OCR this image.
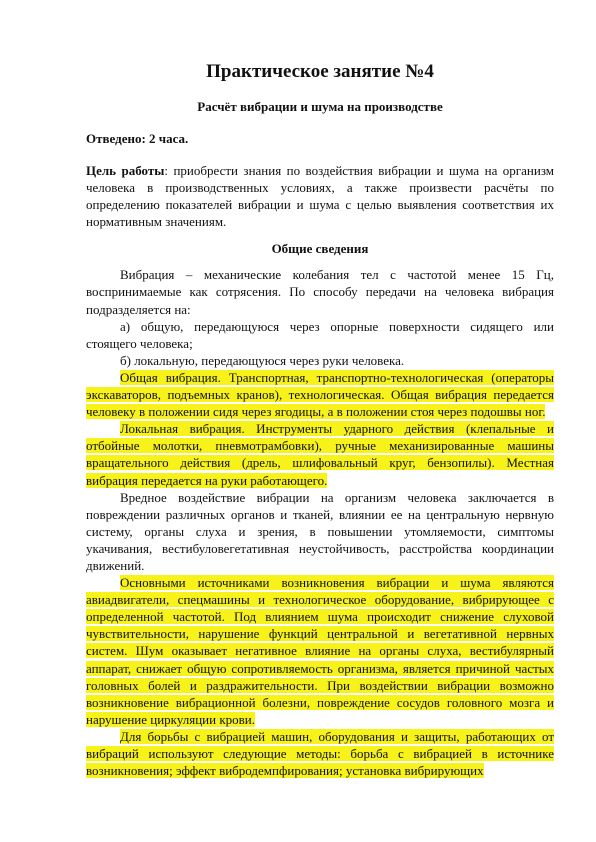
Практическое занятие №4
Расчёт вибрации и шума на производстве
Отведено: 2 часа.

Цель работы: приобрести знания по воздействия вибрации и шума на организм человека в производственных условиях, а также произвести расчёты по определению показателей вибрации и шума с целью выявления соответствия их нормативным значениям.

Общие сведения

Вибрация – механические колебания тел с частотой менее 15 Гц, воспринимаемые как сотрясения. По способу передачи на человека вибрация подразделяется на:

а) общую, передающуюся через опорные поверхности сидящего или стоящего человека;

б) локальную, передающуюся через руки человека.

Общая вибрация. Транспортная, транспортно-технологическая (операторы экскаваторов, подъемных кранов), технологическая. Общая вибрация передается человеку в положении сидя через ягодицы, а в положении стоя через подошвы ног.

Локальная вибрация. Инструменты ударного действия (клепальные и отбойные молотки, пневмотрамбовки), ручные механизированные машины вращательного действия (дрель, шлифовальный круг, бензопилы). Местная вибрация передается на руки работающего.

Вредное воздействие вибрации на организм человека заключается в повреждении различных органов и тканей, влиянии ее на центральную нервную систему, органы слуха и зрения, в повышении утомляемости, симптомы укачивания, вестибуловегетативная неустойчивость, расстройства координации движений.

Основными источниками возникновения вибрации и шума являются авиадвигатели, спецмашины и технологическое оборудование, вибрирующее с определенной частотой. Под влиянием шума происходит снижение слуховой чувствительности, нарушение функций центральной и вегетативной нервных систем. Шум оказывает негативное влияние на органы слуха, вестибулярный аппарат, снижает общую сопротивляемость организма, является причиной частых головных болей и раздражительности. При воздействии вибрации возможно возникновение вибрационной болезни, повреждение сосудов головного мозга и нарушение циркуляции крови.

Для борьбы с вибрацией машин, оборудования и защиты, работающих от вибраций используют следующие методы: борьба с вибрацией в источнике возникновения; эффект вибродемпфирования; установка вибрирующих
